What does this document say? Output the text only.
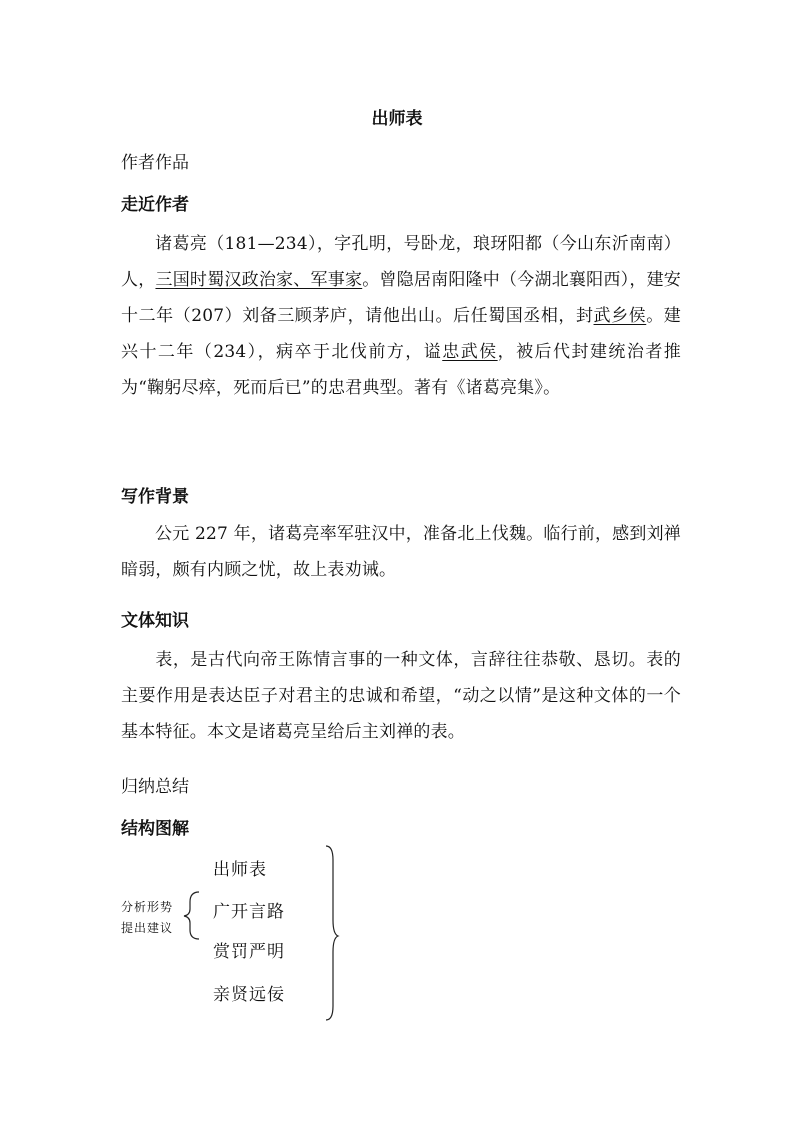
出师表
作者作品
走近作者

诸葛亮（181—234），字孔明，号卧龙，琅玡阳都（今山东沂南南）人，三国时蜀汉政治家、军事家。曾隐居南阳隆中（今湖北襄阳西），建安十二年（207）刘备三顾茅庐，请他出山。后任蜀国丞相，封武乡侯。建兴十二年（234），病卒于北伐前方，谥忠武侯，被后代封建统治者推为“鞠躬尽瘁，死而后已”的忠君典型。著有《诸葛亮集》。

写作背景

公元 227 年，诸葛亮率军驻汉中，准备北上伐魏。临行前，感到刘禅暗弱，颇有内顾之忧，故上表劝诫。

文体知识

表，是古代向帝王陈情言事的一种文体，言辞往往恭敬、恳切。表的主要作用是表达臣子对君主的忠诚和希望，“动之以情”是这种文体的一个基本特征。本文是诸葛亮呈给后主刘禅的表。

归纳总结
结构图解
分析形势
提出建议
出师表
广开言路
赏罚严明
亲贤远佞
